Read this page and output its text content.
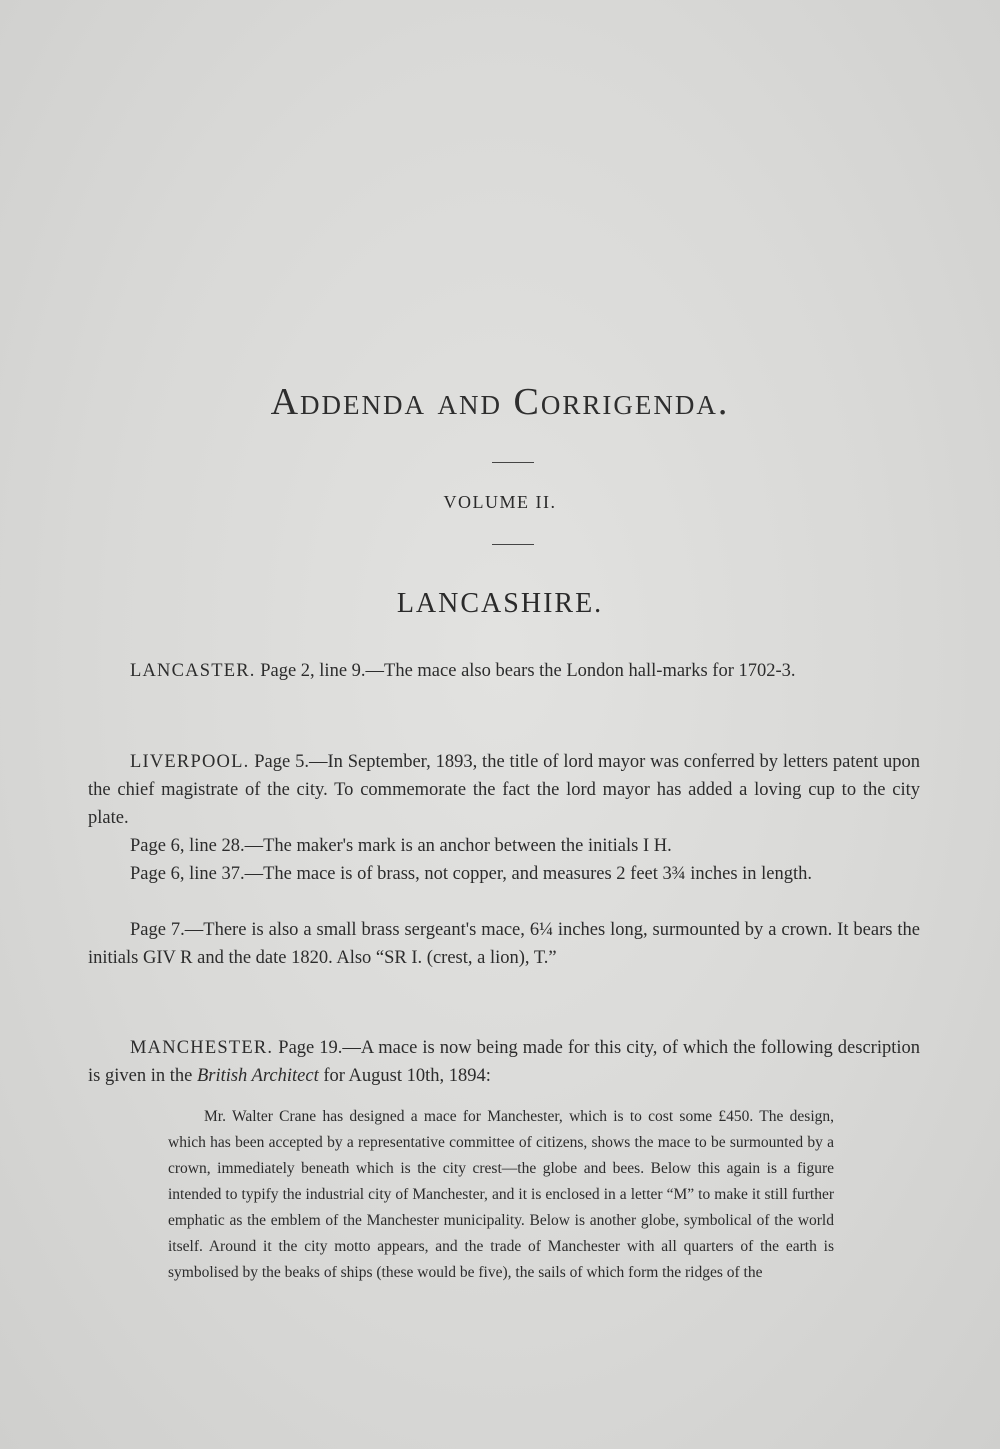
Addenda and Corrigenda.
VOLUME II.
LANCASHIRE.
LANCASTER. Page 2, line 9.—The mace also bears the London hall-marks for 1702-3.
LIVERPOOL. Page 5.—In September, 1893, the title of lord mayor was conferred by letters patent upon the chief magistrate of the city. To commemorate the fact the lord mayor has added a loving cup to the city plate.
Page 6, line 28.—The maker's mark is an anchor between the initials I H.
Page 6, line 37.—The mace is of brass, not copper, and measures 2 feet 3¾ inches in length.
Page 7.—There is also a small brass sergeant's mace, 6¼ inches long, surmounted by a crown. It bears the initials GIV R and the date 1820. Also “SR I. (crest, a lion), T.”
MANCHESTER. Page 19.—A mace is now being made for this city, of which the following description is given in the British Architect for August 10th, 1894:
Mr. Walter Crane has designed a mace for Manchester, which is to cost some £450. The design, which has been accepted by a representative committee of citizens, shows the mace to be surmounted by a crown, immediately beneath which is the city crest—the globe and bees. Below this again is a figure intended to typify the industrial city of Manchester, and it is enclosed in a letter “M” to make it still further emphatic as the emblem of the Manchester municipality. Below is another globe, symbolical of the world itself. Around it the city motto appears, and the trade of Manchester with all quarters of the earth is symbolised by the beaks of ships (these would be five), the sails of which form the ridges of the
